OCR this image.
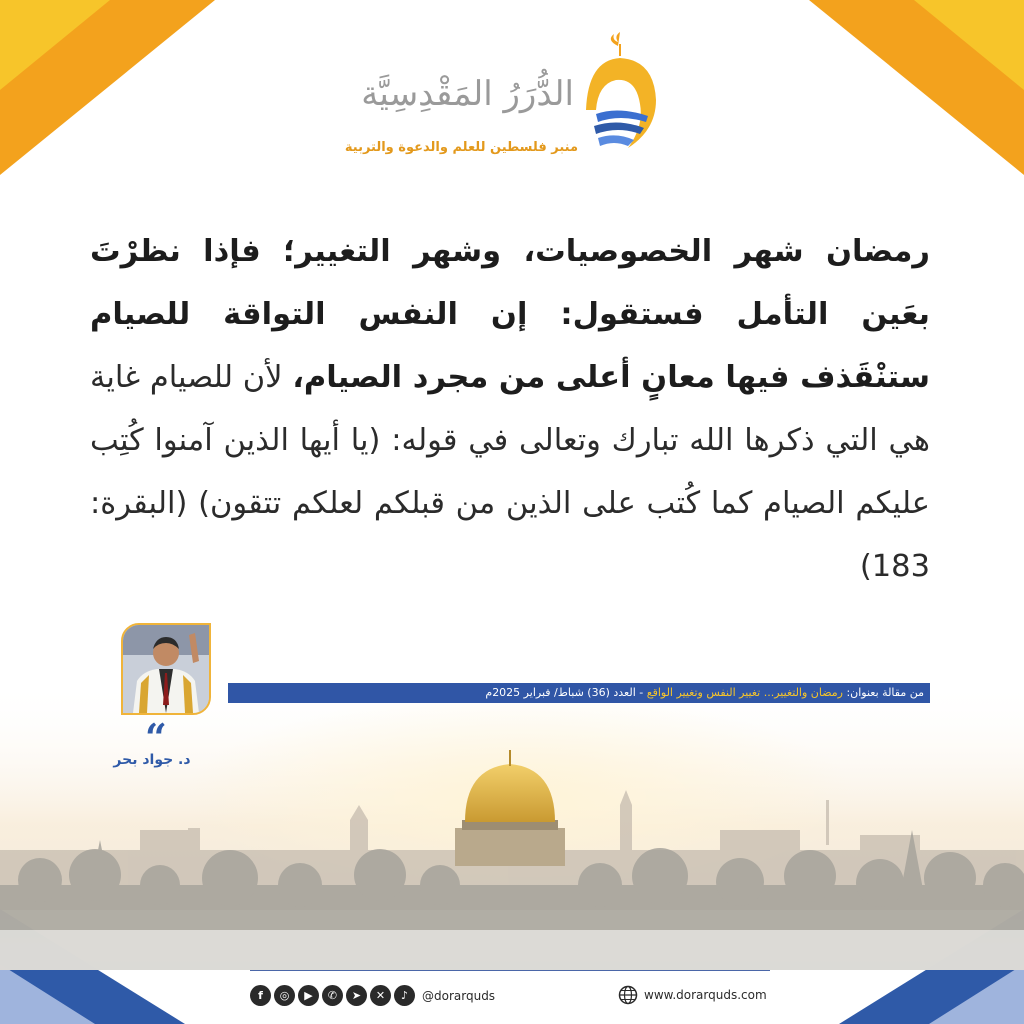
الدُّرَرُ المَقْدِسِيَّة
منبر فلسطين للعلم والدعوة والتربية
رمضان شهر الخصوصيات، وشهر التغيير؛ فإذا نظرْتَ بعَين التأمل فستقول: إن النفس التواقة للصيام ستنْقَذف فيها معانٍ أعلى من مجرد الصيام، لأن للصيام غاية هي التي ذكرها الله تبارك وتعالى في قوله: (يا أيها الذين آمنوا كُتِب عليكم الصيام كما كُتب على الذين من قبلكم لعلكم تتقون) (البقرة: 183)
“
د. جواد بحر
من مقالة بعنوان: رمضان والتغيير... تغيير النفس وتغيير الواقع - العدد (36) شباط/ فبراير 2025م
f	◎	▶	✆	➤	✕	♪	@dorarquds	www.dorarquds.com
